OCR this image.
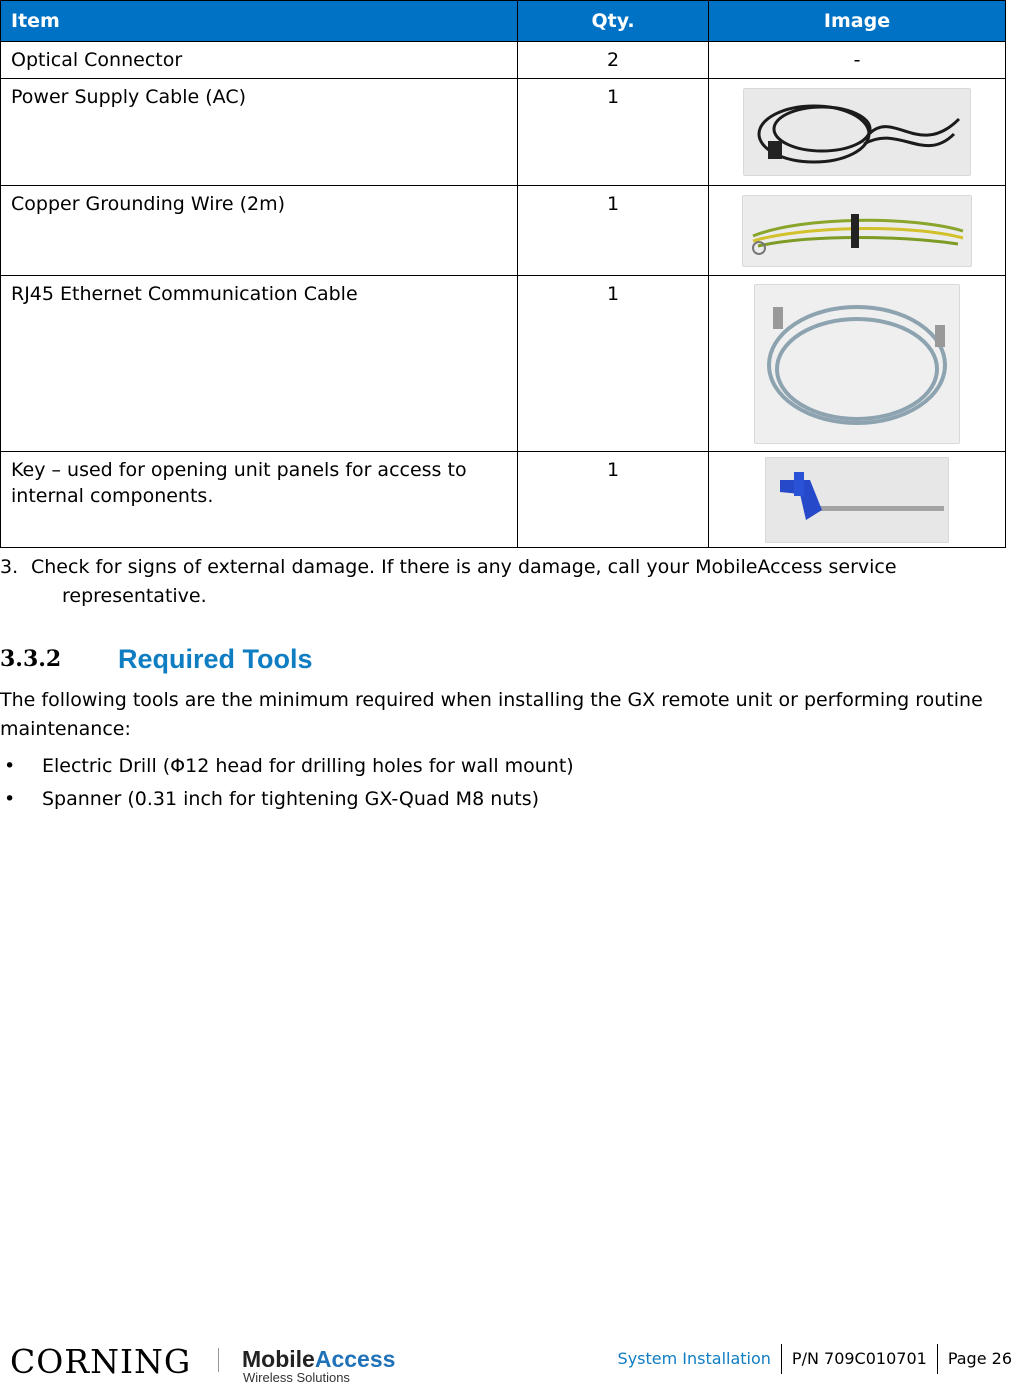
Item	Qty.	Image
Optical Connector	2	-
Power Supply Cable (AC)	1	

Copper Grounding Wire (2m)	1	

RJ45 Ethernet Communication Cable	1	

Key – used for opening unit panels for access to internal components.	1	
3. Check for signs of external damage. If there is any damage, call your MobileAccess service representative.
3.3.2 Required Tools

The following tools are the minimum required when installing the GX remote unit or performing routine maintenance:

• Electric Drill (Φ12 head for drilling holes for wall mount)
• Spanner (0.31 inch for tightening GX-Quad M8 nuts)
CORNING MobileAccess
Wireless Solutions
System Installation	P/N 709C010701	Page 26
